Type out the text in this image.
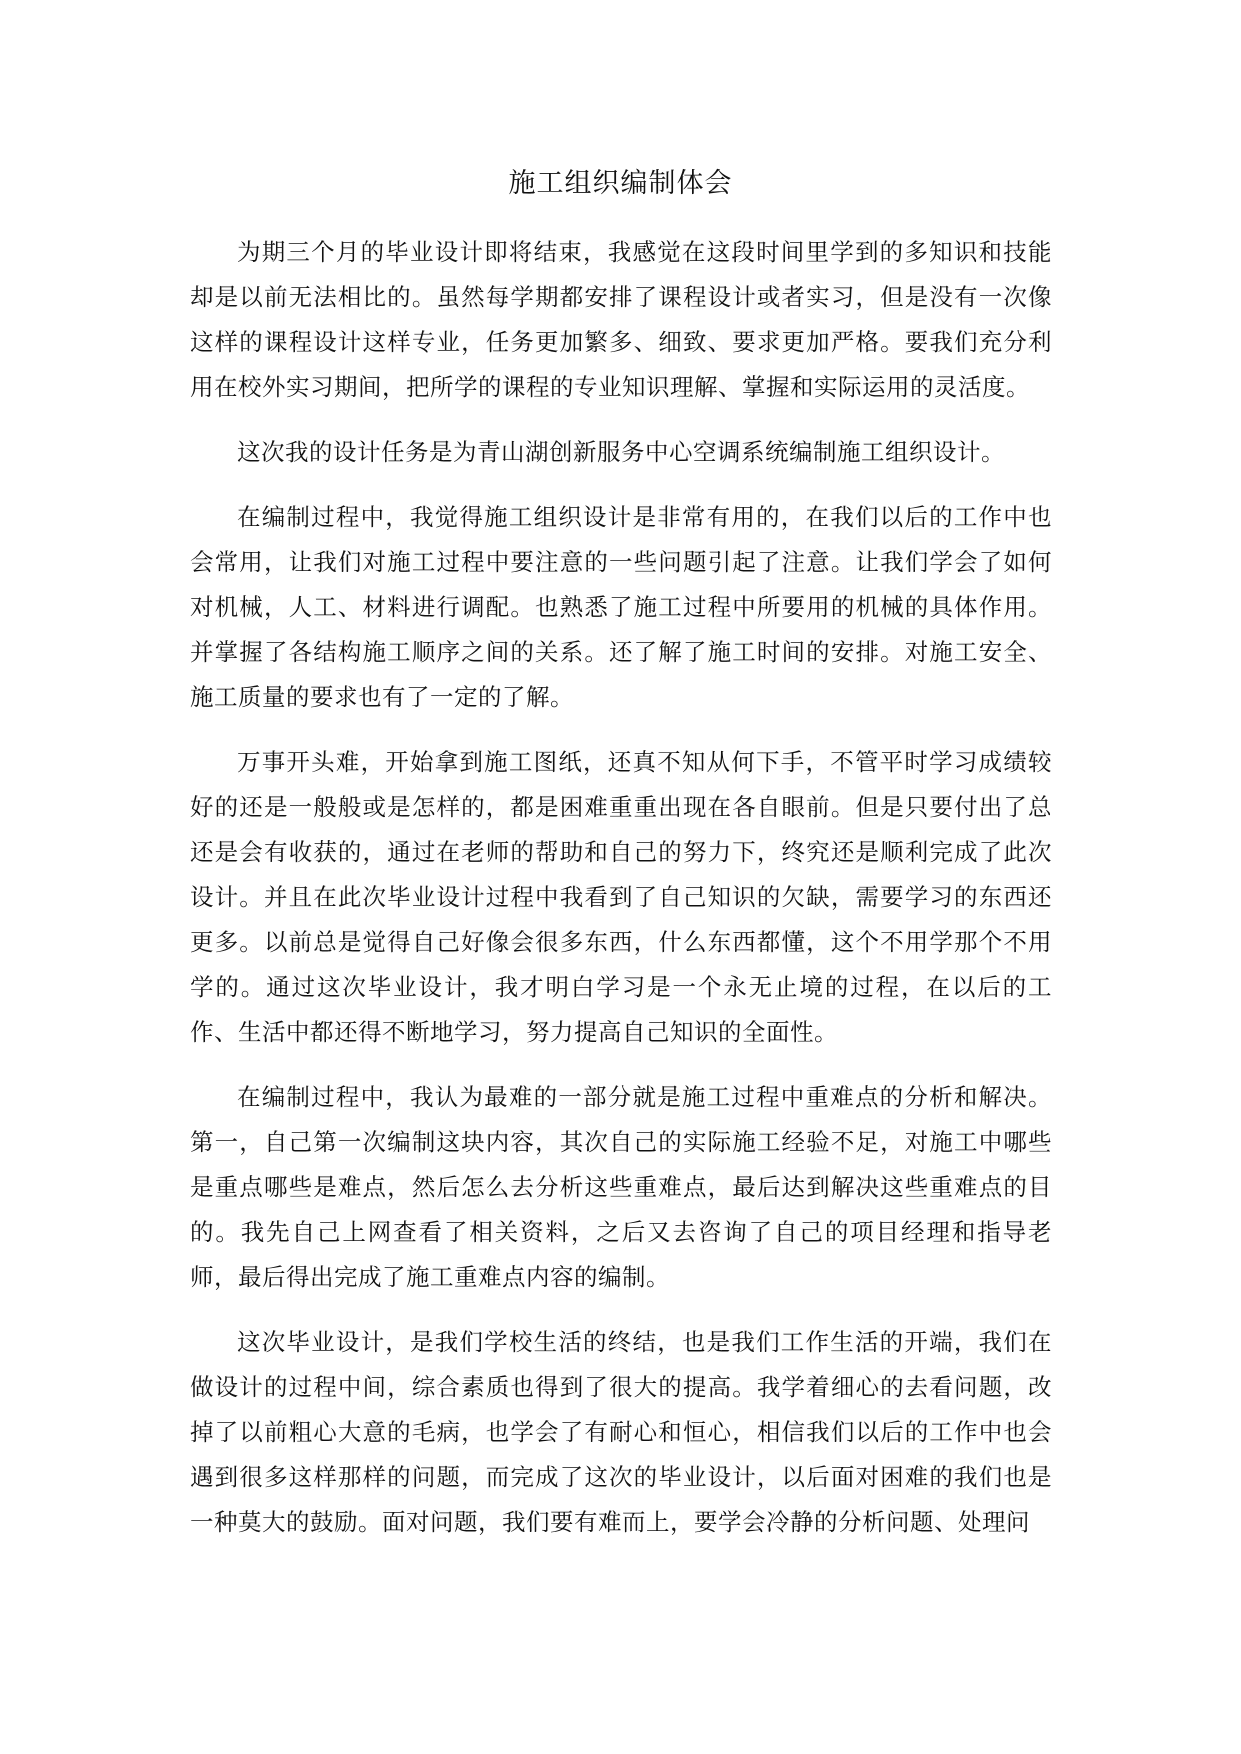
施工组织编制体会

为期三个月的毕业设计即将结束，我感觉在这段时间里学到的多知识和技能却是以前无法相比的。虽然每学期都安排了课程设计或者实习，但是没有一次像这样的课程设计这样专业，任务更加繁多、细致、要求更加严格。要我们充分利用在校外实习期间，把所学的课程的专业知识理解、掌握和实际运用的灵活度。

这次我的设计任务是为青山湖创新服务中心空调系统编制施工组织设计。

在编制过程中，我觉得施工组织设计是非常有用的，在我们以后的工作中也会常用，让我们对施工过程中要注意的一些问题引起了注意。让我们学会了如何对机械，人工、材料进行调配。也熟悉了施工过程中所要用的机械的具体作用。并掌握了各结构施工顺序之间的关系。还了解了施工时间的安排。对施工安全、施工质量的要求也有了一定的了解。

万事开头难，开始拿到施工图纸，还真不知从何下手，不管平时学习成绩较好的还是一般般或是怎样的，都是困难重重出现在各自眼前。但是只要付出了总还是会有收获的，通过在老师的帮助和自己的努力下，终究还是顺利完成了此次设计。并且在此次毕业设计过程中我看到了自己知识的欠缺，需要学习的东西还更多。以前总是觉得自己好像会很多东西，什么东西都懂，这个不用学那个不用学的。通过这次毕业设计，我才明白学习是一个永无止境的过程，在以后的工作、生活中都还得不断地学习，努力提高自己知识的全面性。

在编制过程中，我认为最难的一部分就是施工过程中重难点的分析和解决。第一，自己第一次编制这块内容，其次自己的实际施工经验不足，对施工中哪些是重点哪些是难点，然后怎么去分析这些重难点，最后达到解决这些重难点的目的。我先自己上网查看了相关资料，之后又去咨询了自己的项目经理和指导老师，最后得出完成了施工重难点内容的编制。

这次毕业设计，是我们学校生活的终结，也是我们工作生活的开端，我们在做设计的过程中间，综合素质也得到了很大的提高。我学着细心的去看问题，改掉了以前粗心大意的毛病，也学会了有耐心和恒心，相信我们以后的工作中也会遇到很多这样那样的问题，而完成了这次的毕业设计，以后面对困难的我们也是一种莫大的鼓励。面对问题，我们要有难而上，要学会冷静的分析问题、处理问
